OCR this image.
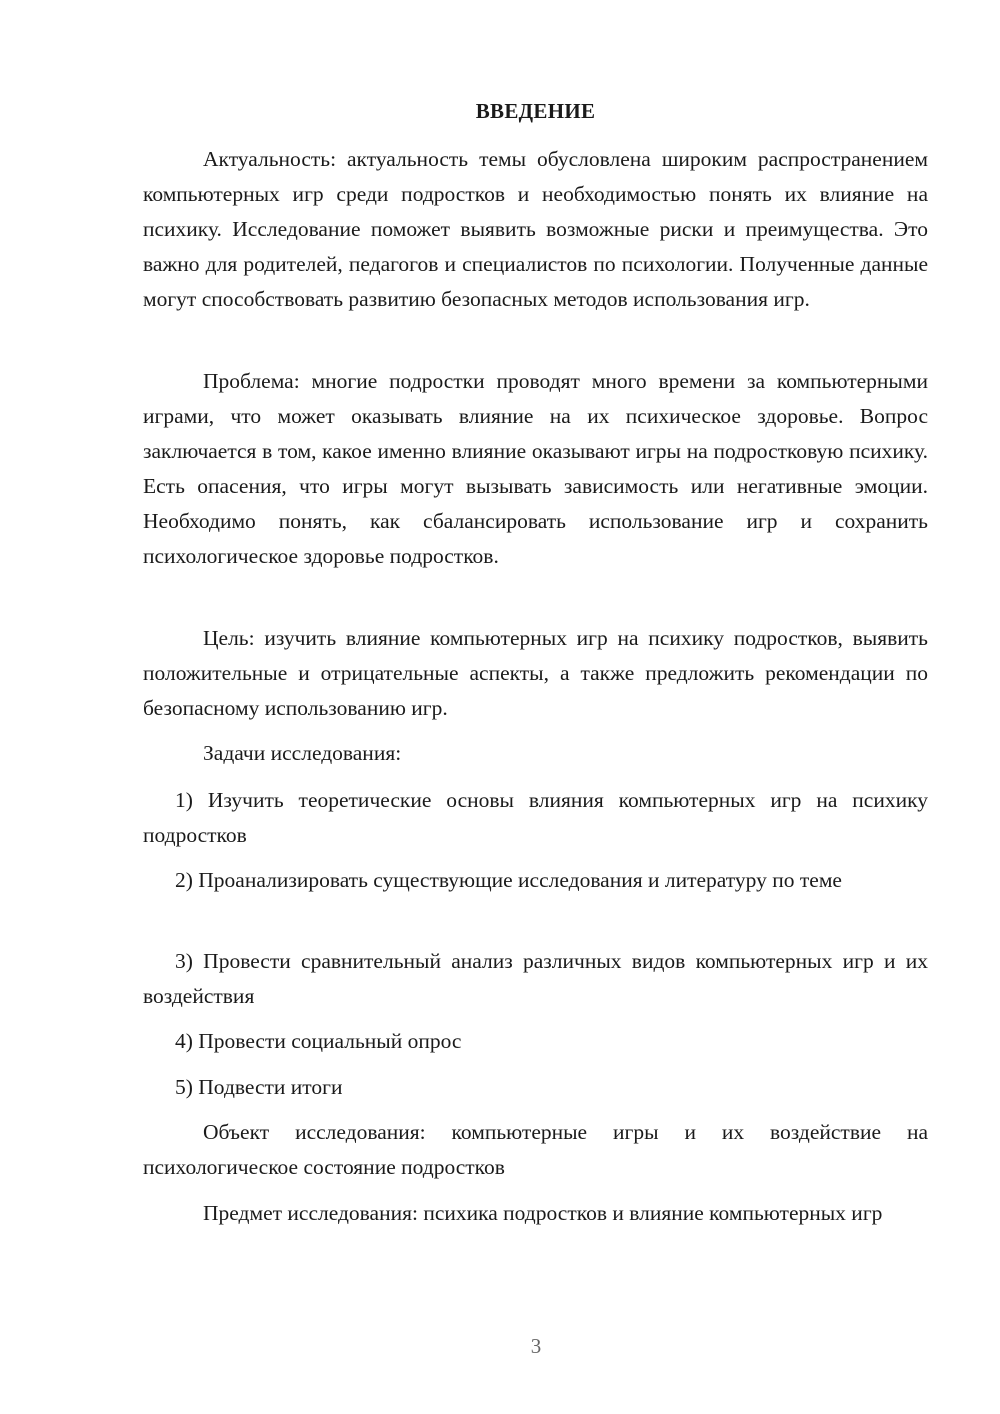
ВВЕДЕНИЕ

Актуальность: актуальность темы обусловлена широким распространением компьютерных игр среди подростков и необходимостью понять их влияние на психику. Исследование поможет выявить возможные риски и преимущества. Это важно для родителей, педагогов и специалистов по психологии. Полученные данные могут способствовать развитию безопасных методов использования игр.

Проблема: многие подростки проводят много времени за компьютерными играми, что может оказывать влияние на их психическое здоровье. Вопрос заключается в том, какое именно влияние оказывают игры на подростковую психику. Есть опасения, что игры могут вызывать зависимость или негативные эмоции. Необходимо понять, как сбалансировать использование игр и сохранить психологическое здоровье подростков.

Цель: изучить влияние компьютерных игр на психику подростков, выявить положительные и отрицательные аспекты, а также предложить рекомендации по безопасному использованию игр.

Задачи исследования:

1) Изучить теоретические основы влияния компьютерных игр на психику подростков

2) Проанализировать существующие исследования и литературу по теме

3) Провести сравнительный анализ различных видов компьютерных игр и их воздействия

4) Провести социальный опрос

5) Подвести итоги

Объект исследования: компьютерные игры и их воздействие на психологическое состояние подростков

Предмет исследования: психика подростков и влияние компьютерных игр

3
